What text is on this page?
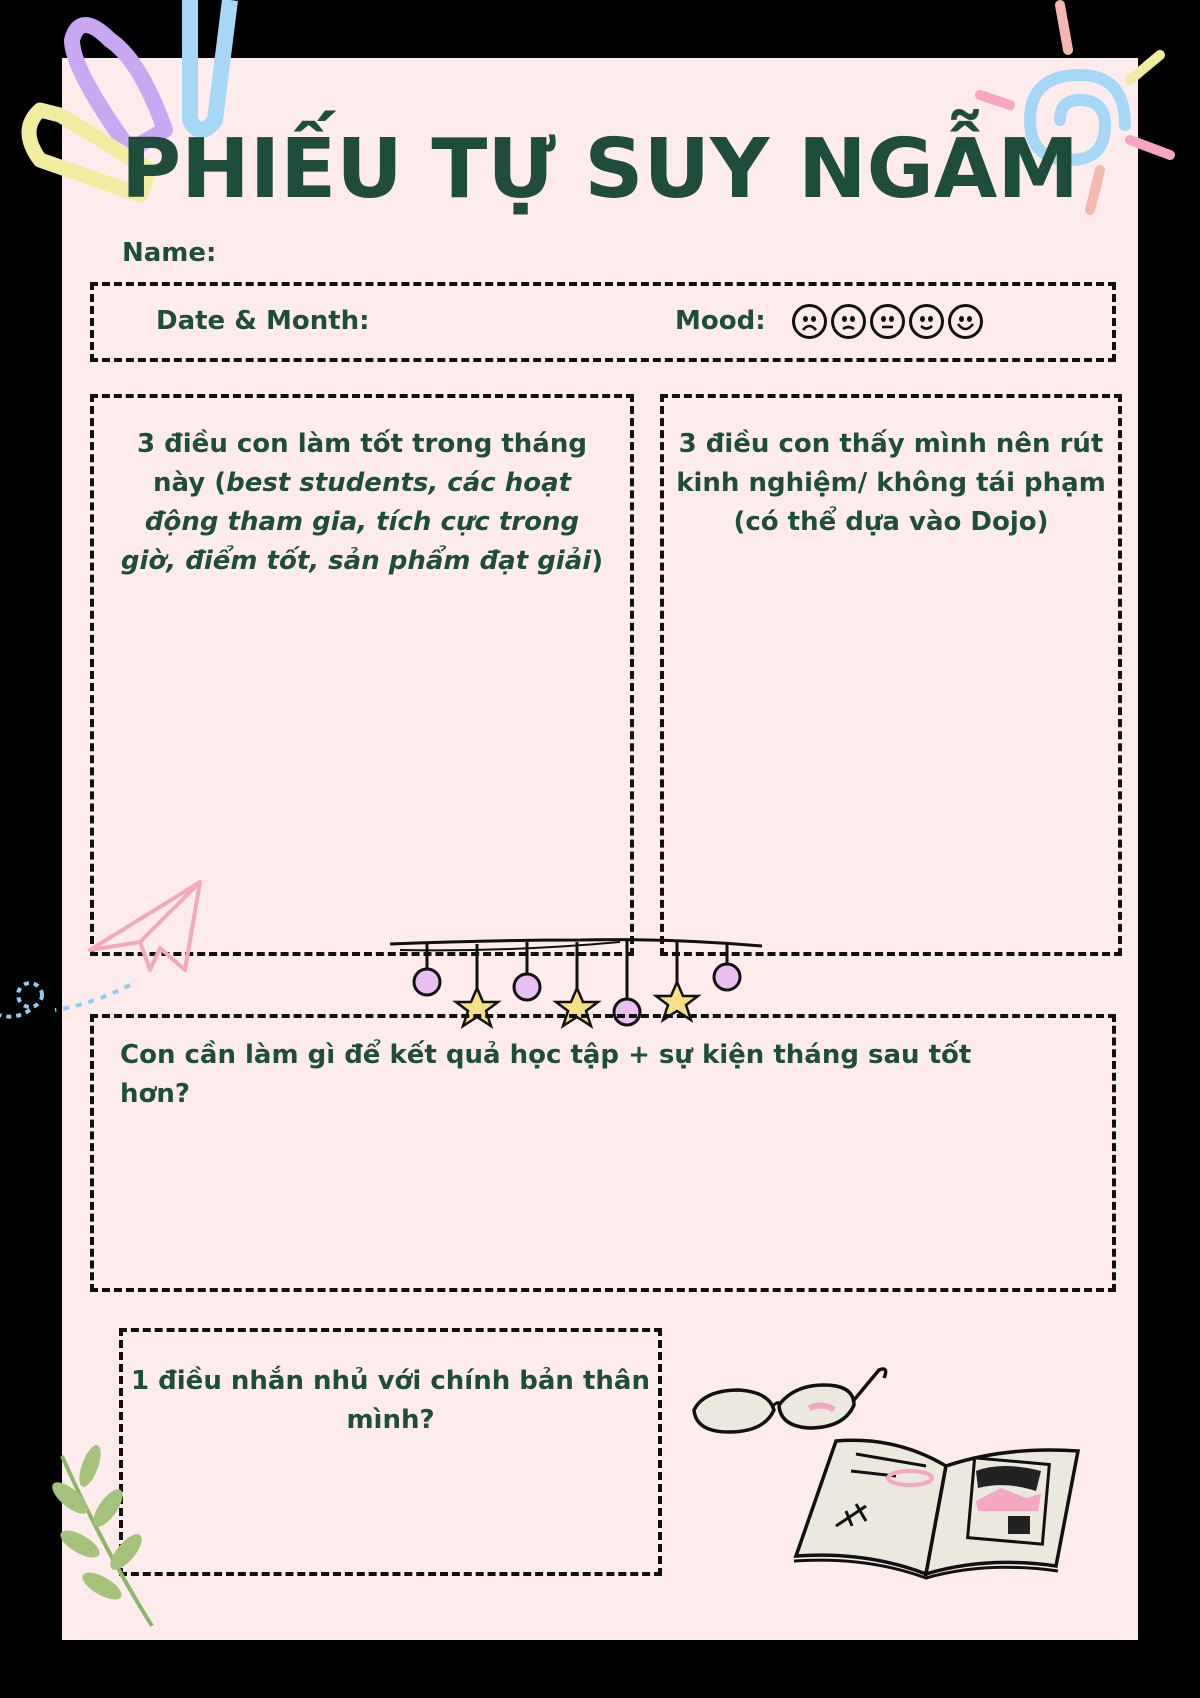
PHIẾU TỰ SUY NGẪM
Name:
Date & Month:	Mood:
3 điều con làm tốt trong tháng
này (best students, các hoạt
động tham gia, tích cực trong
giờ, điểm tốt, sản phẩm đạt giải)
3 điều con thấy mình nên rút
kinh nghiệm/ không tái phạm
(có thể dựa vào Dojo)
Con cần làm gì để kết quả học tập + sự kiện tháng sau tốt hơn?
1 điều nhắn nhủ với chính bản thân
mình?
